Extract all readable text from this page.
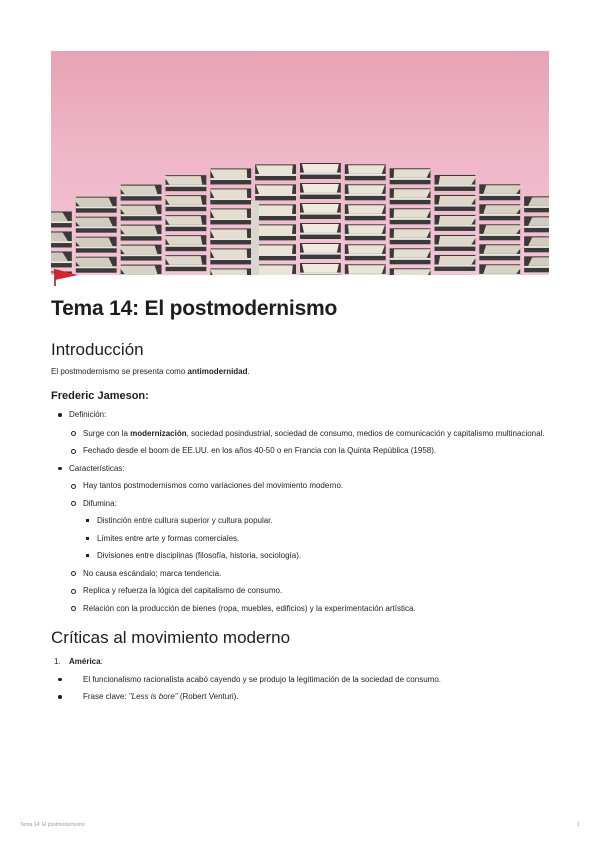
Tema 14: El postmodernismo
Introducción

El postmodernismo se presenta como antimodernidad.

Frederic Jameson:
Definición:
Surge con la modernización, sociedad posindustrial, sociedad de consumo, medios de comunicación y capitalismo multinacional.
Fechado desde el boom de EE.UU. en los años 40-50 o en Francia con la Quinta República (1958).
Características:
Hay tantos postmodernismos como variaciones del movimiento moderno.
Difumina:
Distinción entre cultura superior y cultura popular.
Límites entre arte y formas comerciales.
Divisiones entre disciplinas (filosofía, historia, sociología).
No causa escándalo; marca tendencia.
Replica y refuerza la lógica del capitalismo de consumo.
Relación con la producción de bienes (ropa, muebles, edificios) y la experimentación artística.
Críticas al movimiento moderno
1. América:
El funcionalismo racionalista acabó cayendo y se produjo la legitimación de la sociedad de consumo.
Frase clave: "Less is bore" (Robert Venturi).
Tema 14: El postmodernismo	1
